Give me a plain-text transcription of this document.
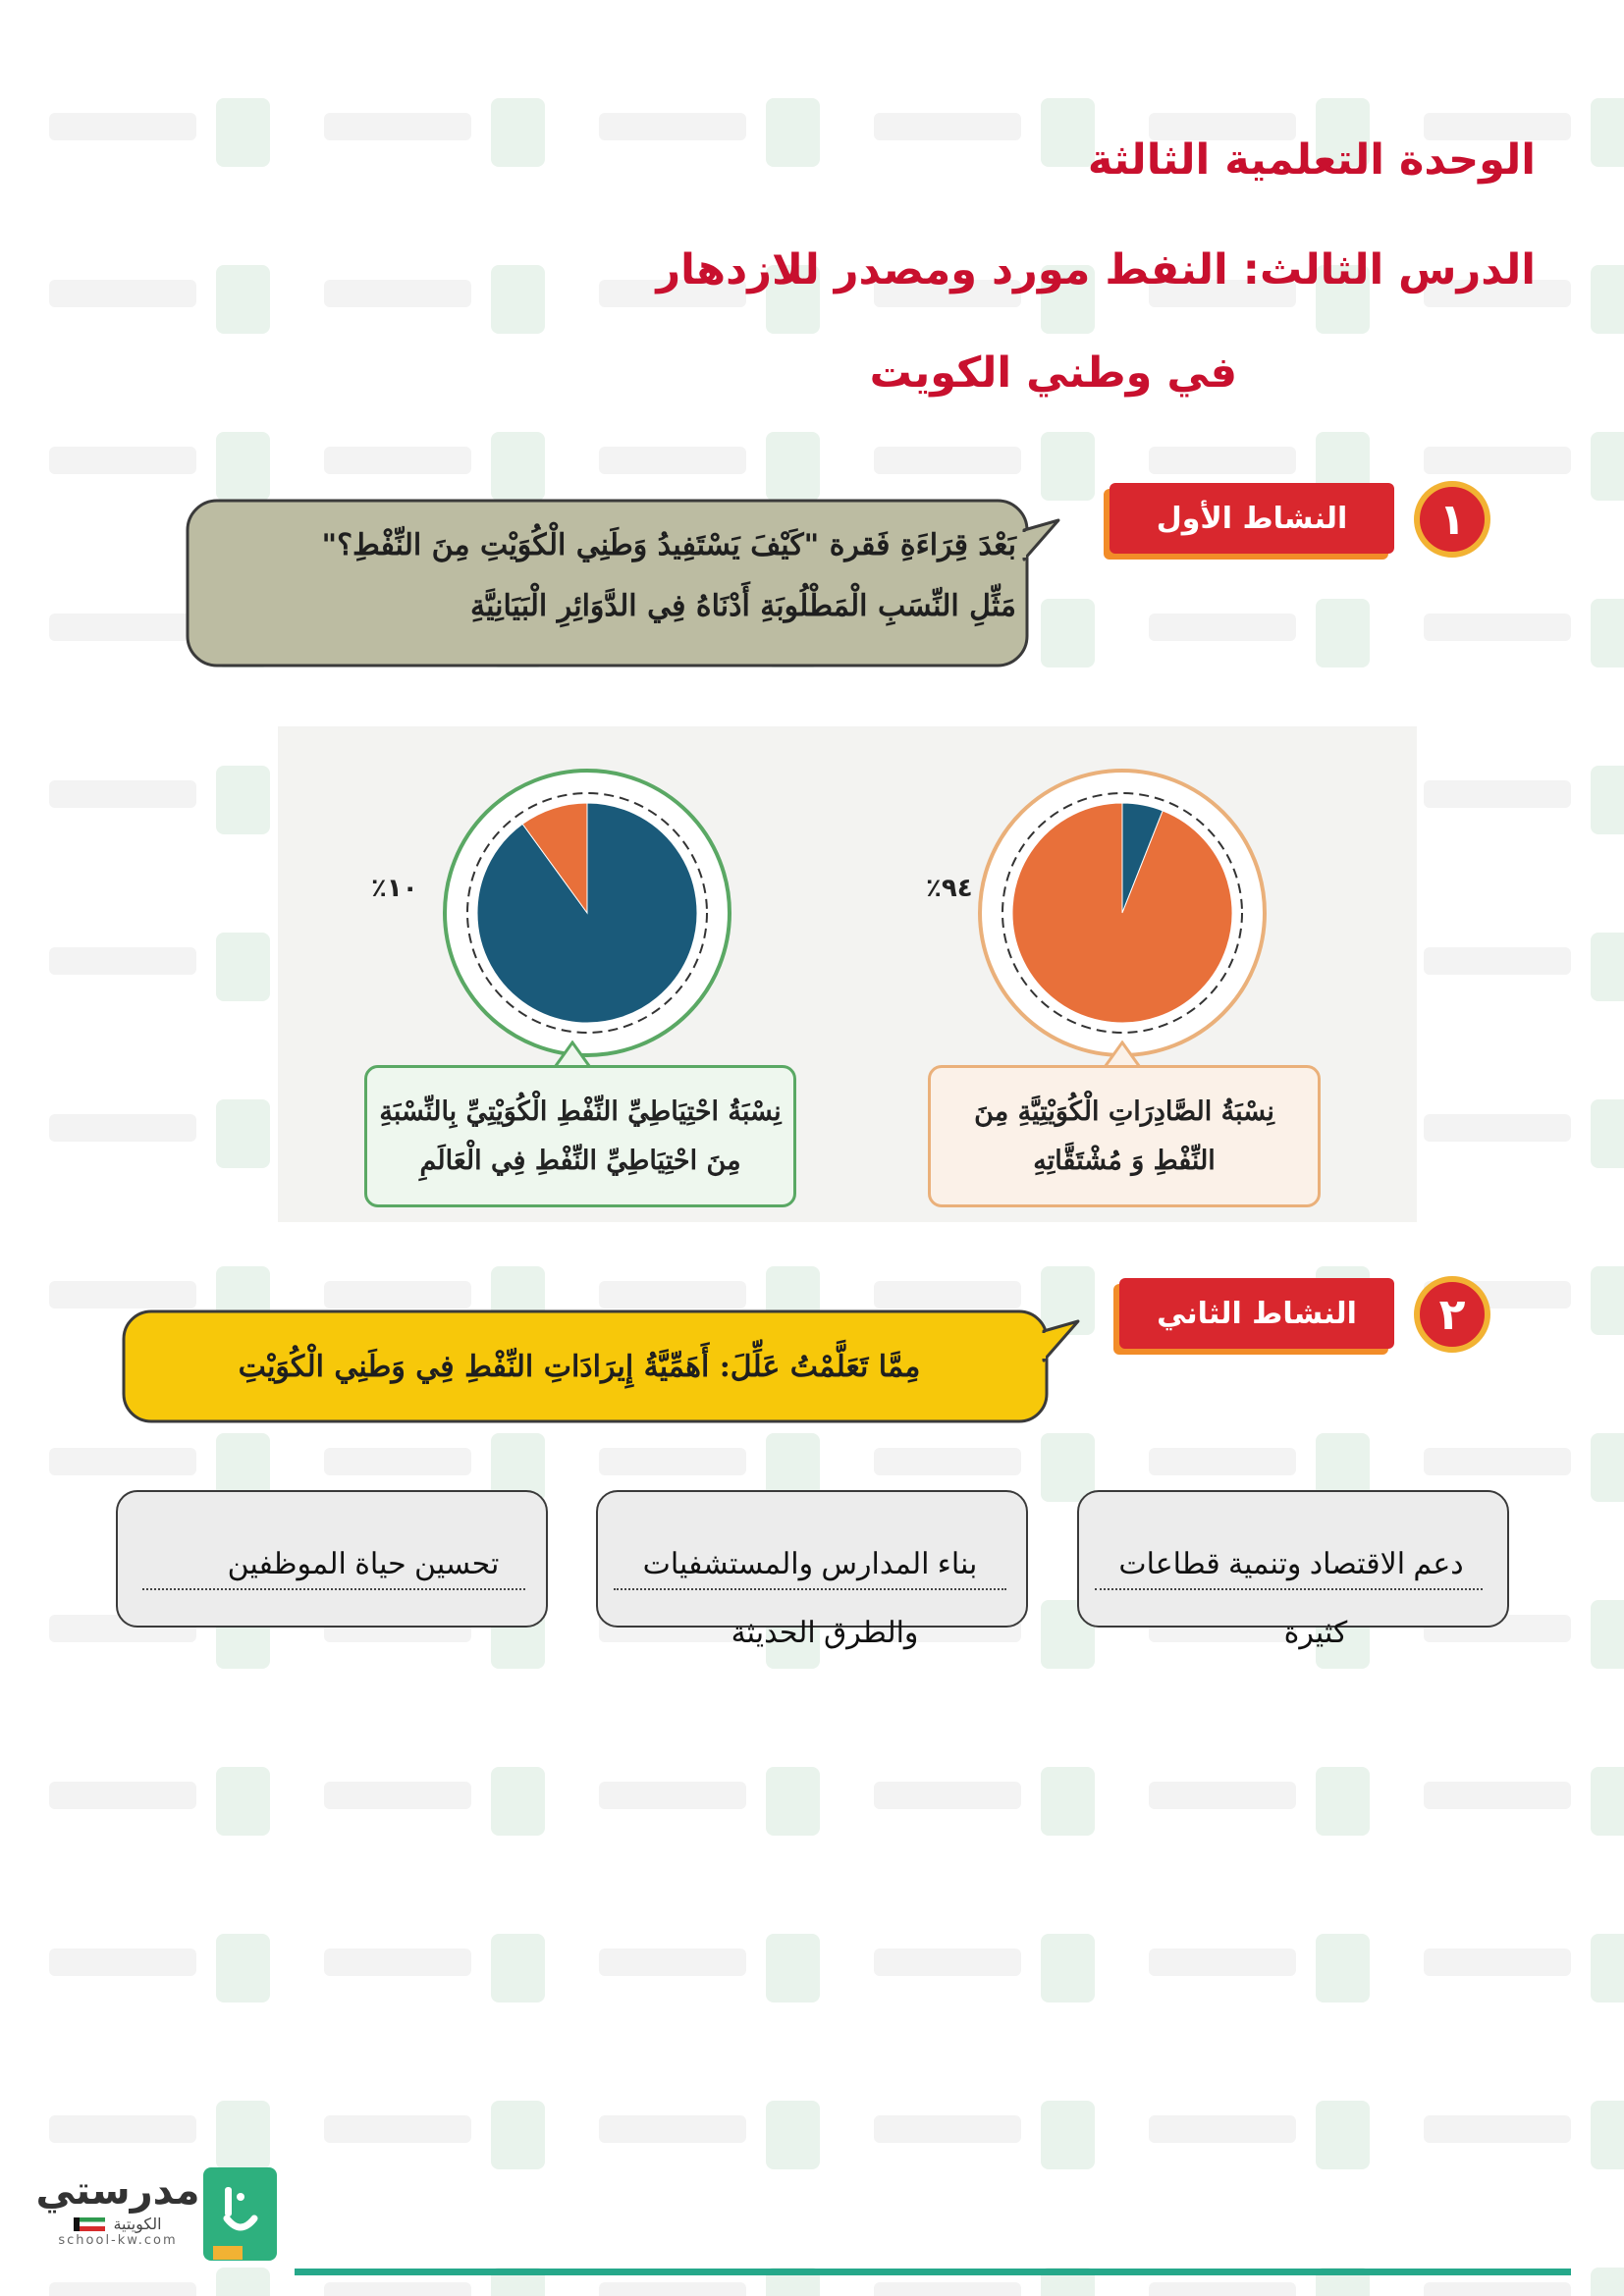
الوحدة التعلمية الثالثة
الدرس الثالث: النفط مورد ومصدر للازدهار
في وطني الكويت
النشاط الأول	١
بَعْدَ قِرَاءَةِ فَقرة "كَيْفَ يَسْتَفِيدُ وَطَنِي الْكُوَيْتِ مِنَ النِّفْطِ؟"
مَثِّلِ النِّسَبِ الْمَطْلُوبَةِ أَدْنَاهُ فِي الدَّوَائِرِ الْبَيَانِيَّةِ
١٠٪	٩٤٪
نِسْبَةُ احْتِيَاطِيِّ النِّفْطِ الْكُوَيْتِيِّ بِالنِّسْبَةِ
مِنَ احْتِيَاطِيِّ النِّفْطِ فِي الْعَالَمِ
نِسْبَةُ الصَّادِرَاتِ الْكُوَيْتِيَّةِ مِنَ
النِّفْطِ وَ مُشْتَقَّاتِهِ
النشاط الثاني	٢
مِمَّا تَعَلَّمْتُ عَلِّلَ: أَهَمِّيَّةُ إِيرَادَاتِ النِّفْطِ فِي وَطَنِي الْكُوَيْتِ
دعم الاقتصاد وتنمية قطاعات
كثيرة
بناء المدارس والمستشفيات
والطرق الحديثة
تحسين حياة الموظفين
مدرستي
الكويتية
school-kw.com
